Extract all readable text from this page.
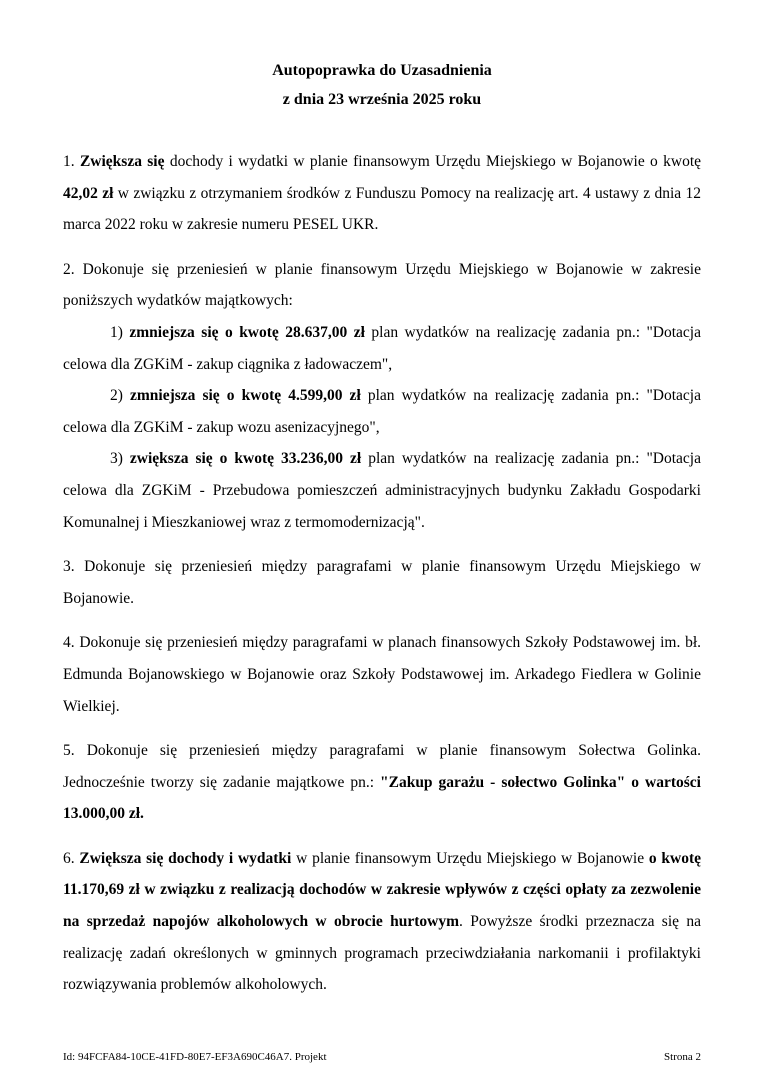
Autopoprawka do Uzasadnienia
z dnia 23 września 2025 roku

1. Zwiększa się dochody i wydatki w planie finansowym Urzędu Miejskiego w Bojanowie o kwotę 42,02 zł w związku z otrzymaniem środków z Funduszu Pomocy na realizację art. 4 ustawy z dnia 12 marca 2022 roku w zakresie numeru PESEL UKR.

2. Dokonuje się przeniesień w planie finansowym Urzędu Miejskiego w Bojanowie w zakresie poniższych wydatków majątkowych:

1) zmniejsza się o kwotę 28.637,00 zł plan wydatków na realizację zadania pn.: "Dotacja celowa dla ZGKiM - zakup ciągnika z ładowaczem",

2) zmniejsza się o kwotę 4.599,00 zł plan wydatków na realizację zadania pn.: "Dotacja celowa dla ZGKiM - zakup wozu asenizacyjnego",

3) zwiększa się o kwotę 33.236,00 zł plan wydatków na realizację zadania pn.: "Dotacja celowa dla ZGKiM - Przebudowa pomieszczeń administracyjnych budynku Zakładu Gospodarki Komunalnej i Mieszkaniowej wraz z termomodernizacją".

3. Dokonuje się przeniesień między paragrafami w planie finansowym Urzędu Miejskiego w Bojanowie.

4. Dokonuje się przeniesień między paragrafami w planach finansowych Szkoły Podstawowej im. bł. Edmunda Bojanowskiego w Bojanowie oraz Szkoły Podstawowej im. Arkadego Fiedlera w Golinie Wielkiej.

5. Dokonuje się przeniesień między paragrafami w planie finansowym Sołectwa Golinka. Jednocześnie tworzy się zadanie majątkowe pn.: "Zakup garażu - sołectwo Golinka" o wartości 13.000,00 zł.

6. Zwiększa się dochody i wydatki w planie finansowym Urzędu Miejskiego w Bojanowie o kwotę 11.170,69 zł w związku z realizacją dochodów w zakresie wpływów z części opłaty za zezwolenie na sprzedaż napojów alkoholowych w obrocie hurtowym. Powyższe środki przeznacza się na realizację zadań określonych w gminnych programach przeciwdziałania narkomanii i profilaktyki rozwiązywania problemów alkoholowych.

Id: 94FCFA84-10CE-41FD-80E7-EF3A690C46A7. Projekt	Strona 2
